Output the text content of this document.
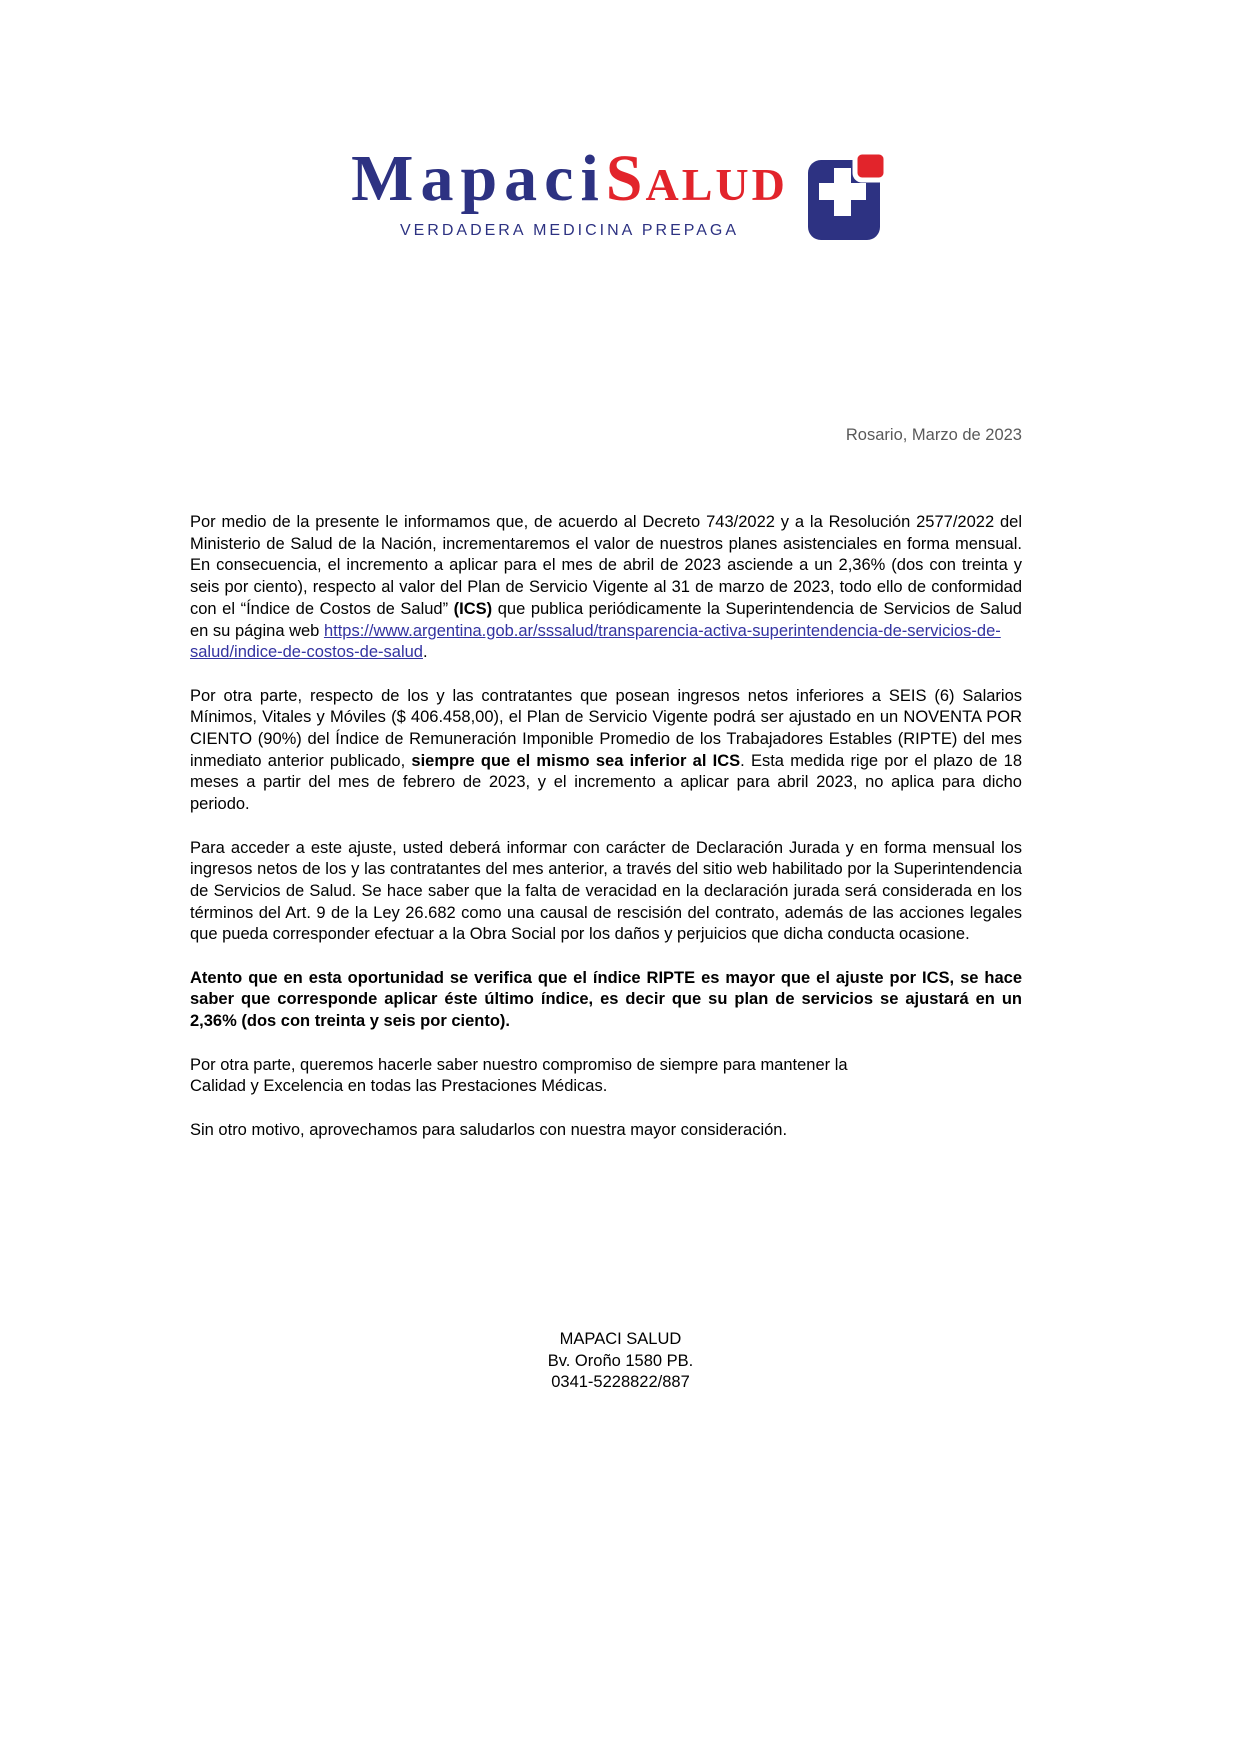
MapaciSalud
VERDADERA MEDICINA PREPAGA
Rosario, Marzo de 2023

Por medio de la presente le informamos que, de acuerdo al Decreto 743/2022 y a la Resolución 2577/2022 del Ministerio de Salud de la Nación, incrementaremos el valor de nuestros planes asistenciales en forma mensual. En consecuencia, el incremento a aplicar para el mes de abril de 2023 asciende a un 2,36% (dos con treinta y seis por ciento), respecto al valor del Plan de Servicio Vigente al 31 de marzo de 2023, todo ello de conformidad con el “Índice de Costos de Salud” (ICS) que publica periódicamente la Superintendencia de Servicios de Salud en su página web https://www.argentina.gob.ar/sssalud/transparencia-activa-superintendencia-de-servicios-de-
salud/indice-de-costos-de-salud.

Por otra parte, respecto de los y las contratantes que posean ingresos netos inferiores a SEIS (6) Salarios Mínimos, Vitales y Móviles ($ 406.458,00), el Plan de Servicio Vigente podrá ser ajustado en un NOVENTA POR CIENTO (90%) del Índice de Remuneración Imponible Promedio de los Trabajadores Estables (RIPTE) del mes inmediato anterior publicado, siempre que el mismo sea inferior al ICS. Esta medida rige por el plazo de 18 meses a partir del mes de febrero de 2023, y el incremento a aplicar para abril 2023, no aplica para dicho periodo.

Para acceder a este ajuste, usted deberá informar con carácter de Declaración Jurada y en forma mensual los ingresos netos de los y las contratantes del mes anterior, a través del sitio web habilitado por la Superintendencia de Servicios de Salud. Se hace saber que la falta de veracidad en la declaración jurada será considerada en los términos del Art. 9 de la Ley 26.682 como una causal de rescisión del contrato, además de las acciones legales que pueda corresponder efectuar a la Obra Social por los daños y perjuicios que dicha conducta ocasione.

Atento que en esta oportunidad se verifica que el índice RIPTE es mayor que el ajuste por ICS, se hace saber que corresponde aplicar éste último índice, es decir que su plan de servicios se ajustará en un 2,36% (dos con treinta y seis por ciento).

Por otra parte, queremos hacerle saber nuestro compromiso de siempre para mantener la
Calidad y Excelencia en todas las Prestaciones Médicas.

Sin otro motivo, aprovechamos para saludarlos con nuestra mayor consideración.

MAPACI SALUD
Bv. Oroño 1580 PB.
0341-5228822/887
